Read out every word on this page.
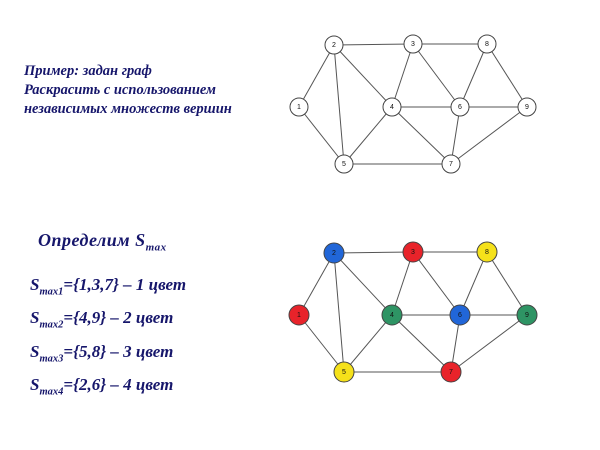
Пример: задан граф
Раскрасить с использованием
независимых множеств вершин
Определим $S_{max}$
$S_{max1}=\{1,3,7\} - 1$ цвет
$S_{max2}=\{4,9\} - 2$ цвет
$S_{max3}=\{5,8\} - 3$ цвет
$S_{max4}=\{2,6\} - 4$ цвет
1
2	3
4
5
6
7
8
9
1
2	3
4
5
6
7
8
9
